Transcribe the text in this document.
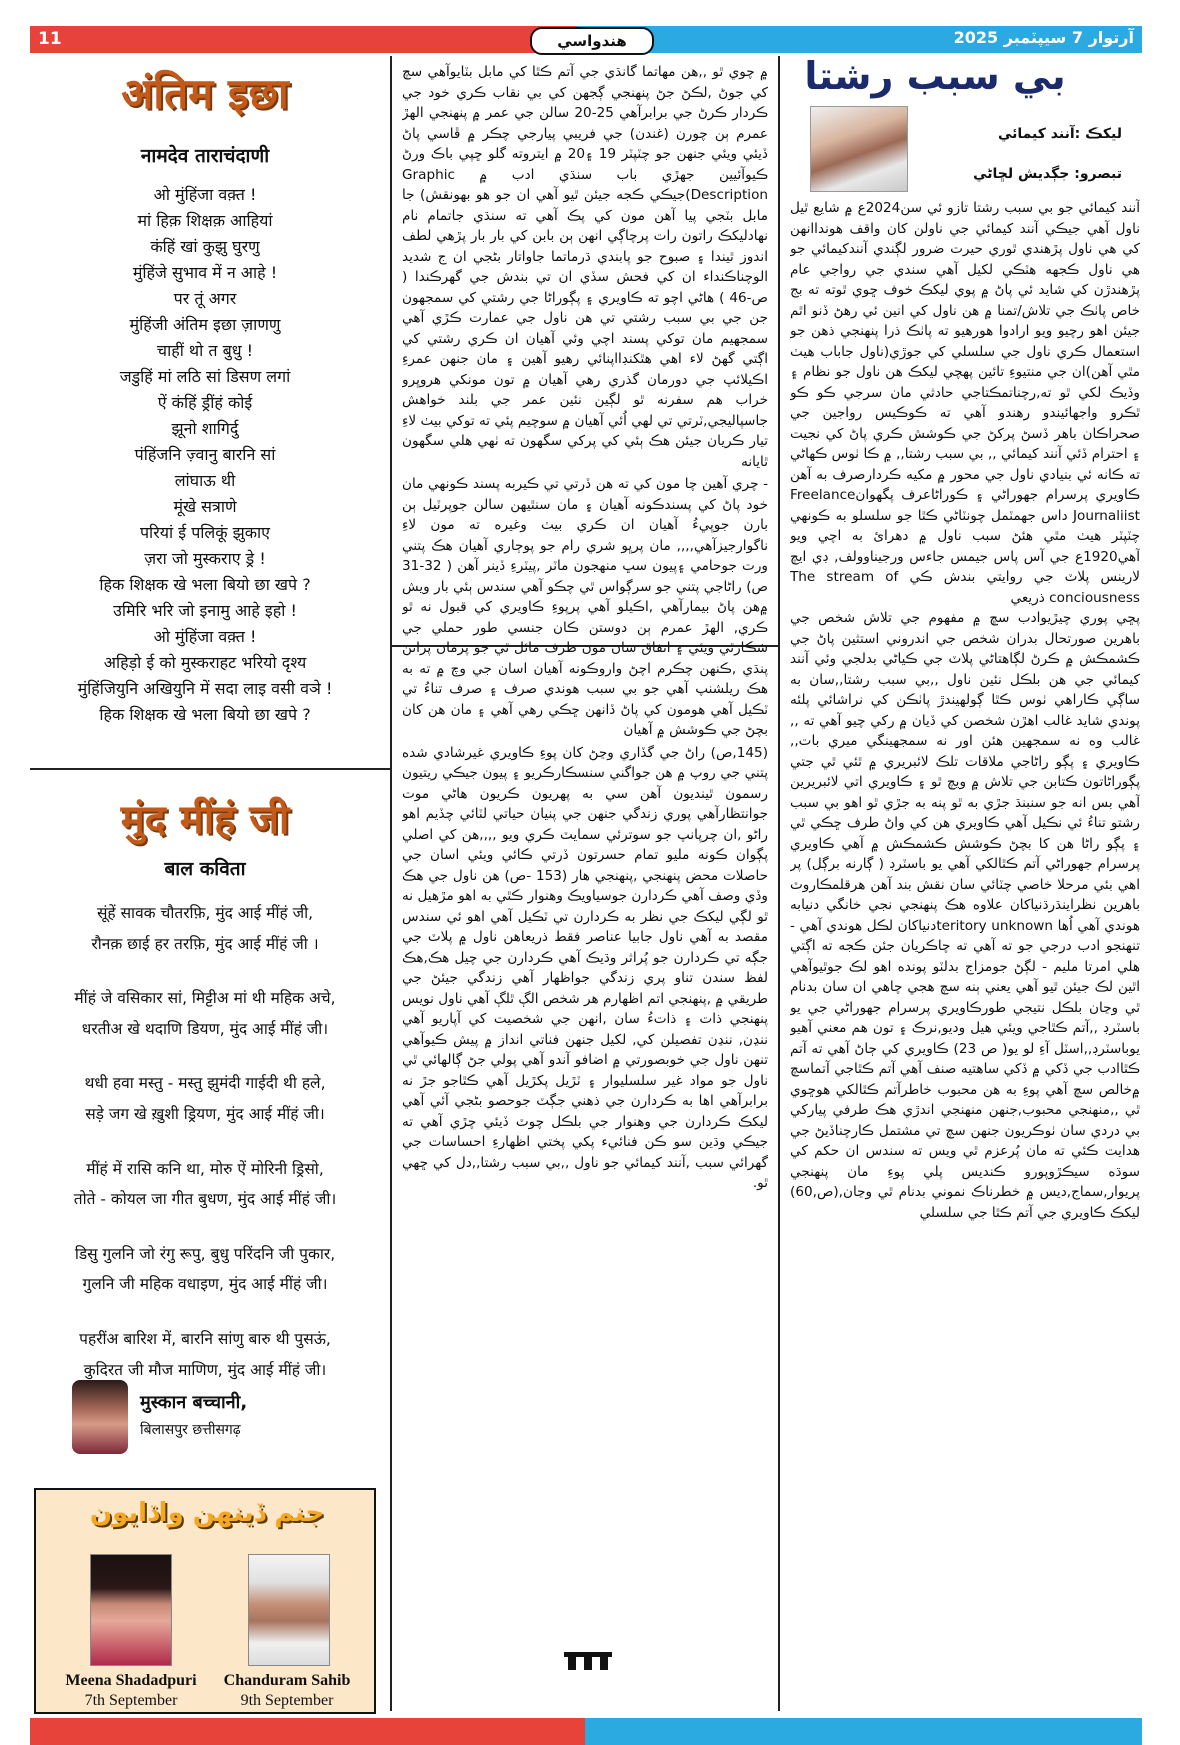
11	هندواسي	آرتوار 7 سيپٽمبر 2025
अंतिम इछा
नामदेव ताराचंदाणी
ओ मुंहिंजा वक़्त !
मां हिक़ शिक्षक़ आहियां
कंहिं खां कुझु घुरणु
मुंहिंजे सुभाव में न आहे !
पर तूं अगर
मुंहिंजी अंतिम इछा ज़ाणणु
चाहीं थो त बुधु !
जडुहिं मां लठि सां डिसण लगां
ऐं कंहिं ड्रींहं कोई
झूनो शागिर्दु
पंहिंजनि ज़्वानु बारनि सां
लांघाऊ थी
मूंखे सत्राणे
परियां ई पलिकूं झुकाए
ज़रा जो मुस्कराए ड्रे !
हिक शिक्षक खे भला बियो छा खपे ?
उमिरि भरि जो इनामु आहे इहो !
ओ मुंहिंजा वक़्त !
अहिड़ो ई को मुस्कराहट भरियो दृश्य
मुंहिंजियुनि अखियुनि में सदा लाइ वसी वञे !
हिक शिक्षक खे भला बियो छा खपे ?
मुंद मींहं जी
बाल कविता
सूंहें सावक चौतरफ़ि, मुंद आई मींहं जी,
रौनक़ छाई हर तरफ़ि, मुंद आई मींहं जी ।
मींहं जे वसिकार सां, मिट्टीअ मां थी महिक अचे,
धरतीअ खे थदाणि डियण, मुंद आई मींहं जी।
थधी हवा मस्तु - मस्तु झुमंदी गाईदी थी हले,
सड़े जग खे ख़ुशी ड्रियण, मुंद आई मींहं जी।
मींहं में रासि कनि था, मोरु ऐं मोरिनी ड्रिसो,
तोते - कोयल जा गीत बुधण, मुंद आई मींहं जी।
डिसु गुलनि जो रंगु रूपु, बुधु परिंदनि जी पुकार,
गुलनि जी महिक वधाइण, मुंद आई मींहं जी।
पहरींअ बारिश में, बारनि सांणु बारु थी पुसऊं,
कुदिरत जी मौज माणिण, मुंद आई मींहं जी।
मुस्कान बच्चानी,
बिलासपुर छत्तीसगढ़
جنم ڏينهن واڌايون
Meena Shadadpuri
7th September
Chanduram Sahib
9th September
بي سبب رشتا
ليکڪ :آنند کيمائي
تبصرو: جڳديش لڇاڻي

آنند کيمائي جو بي سبب رشتا تازو ئي سن2024ع ۾ شايع ٿيل ناول آهي جيڪي آنند کيمائي جي ناولن کان واقف هونداانهن کي هي ناول پڙهندي ٿوري حيرت ضرور لڳندي آنندکيمائي جو هي ناول ڪجهه هٽڪي لکيل آهي سندي جي رواجي عام پڙهندڙن کي شايد ئي پاڻ ۾ پوي ليکڪ خوف ڇوي ٿوته ته بج خاص پاٺڪ جي تلاش/تمنا ۾ هن ناول کي انين ئي رهڻ ڏنو اٿم جيئن اهو رچيو ويو ارادوا هورهيو ته پاٺڪ ذرا پنهنجي ذهن جو استعمال ڪري ناول جي سلسلي کي جوڙي(ناول جاباب هيٺ مٿي آهن)ان جي منتيوءِ تائين پهچي ليکڪ هن ناول جو نظام ۽ وڏيڪ لکي ٿو ته,رچناتمڪتاجي حادثي مان سرجي ڪو ڪو ٿڪرو واجهائيندو رهندو آهي ته ڪوڪيس رواجين جي صحراڪان باهر ڏسڻ پرکڻ جي ڪوشش ڪري پاڻ کي نجيت ۽ احترام ڏئي آنند کيمائي ,, بي سبب رشتا,, ۾ ڪا ٺوس ڪهاڻي ته ڪانه ئي بنيادي ناول جي محور ۾ مکيه ڪردارصرف به آهن ڪاويري پرسرام جهوراڻي ۽ ڪوراڻاعرف پگهوانFreelance Journaliist داس جهمٽمل چونٽاڻي ڪٿا جو سلسلو به ڪونهي چٽپٽر هيٺ مٿي هئڻ سبب ناول ۾ دهرائ به اچي ويو آهي1920ع جي آس پاس جيمس جاءس ورجيناوولف, ڊي ايچ لارينس پلاٽ جي روايتي بندش ڪي The stream of conciousness ذريعي

پڇي پوري چيڙيوادب سڇ ۾ مفهوم جي تلاش شخص جي باهرين صورتحال بدران شخص جي اندروني استثين پاڻ جي ڪشمڪش ۾ ڪرڻ لڳاهتاڻي پلاٽ جي ڪياڻي بدلجي وئي آنند کيمائي جي هن بلڪل نئين ناول ,,بي سبب رشتا,,سان به ساڳي ڪاراهي ٺوس ڪٿا ڳولهيندڙ پاٺڪن کي نراشائي پلئه پوندي شايد غالب اهڙن شخصن کي ڏيان ۾ رکي چيو آهي ته ,, غالب وه نه سمجهين هئن اور نه سمجهينگي ميري بات,, ڪاويري ۽ پڳو راڻاجي ملاقات تلڪ لائبريري ۾ ٿئي ٿي جتي پڳوراڻاتون ڪتابن جي تلاش ۾ ويچ ٿو ۽ ڪاويري اتي لائبريرين آهي بس انه جو سنبنڌ جڙي به ٿو پنه به جڙي ٿو اهو بي سبب رشتو تناءُ ئي نڪيل آهي ڪاويري هن کي واڻ طرف ڇڪي ٿي ۽ پڳو راڻا هن کا بچڻ ڪوشش ڪشمڪش ۾ آهي ڪاويري پرسرام جهوراڻي آتم ڪٿالکي آهي يو باسٽرڊ ( ڳارنه برڳل) پر اهي بئي مرحلا خاصي چٽائي سان نقش بند آهن هرقلمڪاروٽ باهرين نظراينڌرڌنياکان علاوه هڪ پنهنجي نجي خانگي دنيابه هوندي آهي اُها teritory unknownدنياکان لڪل هوندي آهي - تنهنجو ادب درجي جو ته آهي ته چاڪريان جئن ڪجه ته اڳتي هلي امرتا مليم - لڳڻ جومزاج بدلٽو پونده اهو لڪ جوٿيوآهي اٿين لڪ جيئن ٿيو آهي يعني ٻنه سچ هجي چاهي ان سان بدنام ٿي وڃان بلڪل نتيجي طورڪاويري پرسرام جهوراڻي جي يو باسٽرڊ ,,آتم ڪٿاجي ويئي هيل وديو,نرڪ ۽ تون هم معني آهيو يوباسٽرڊ,,اسٽل آءِ لو يو( ص 23) ڪاويري کي ڄاڻ آهي ته آتم ڪٿاادب جي ڏکي ۾ ڏکي ساهتيه صنف آهي آتم ڪٿاجي آتماسچ ۾خالص سچ آهي پوءِ به هن محبوب خاطرآتم ڪٿالکي هوڇوي ٿي ,,منهنجي محبوب,جنهن منهنجي اندڙي هڪ طرفي پيارکي بي دردي سان ٺوڪريون جنهن سچ تي مشتمل ڪارچناڏيڻ جي هدايت ڪئي ته مان پُرعزم ٿي ويس ته سندس ان حکم کي سوڌه سيڪڙوپورو ڪنديس پلي پوءِ مان پنهنجي پريوار,سماج,ديس ۾ خطرناڪ نموني بدنام ٿي وڃان,(ص,60) ليکڪ ڪاويري جي آتم ڪٿا جي سلسلي

۾ چوي ٿو ,,هن مهاتما گانڌي جي آتم ڪٿا کي مابل بٽايوآهي سچ کي جوڻ ,لڪڻ جڻ پنهنجي ڳجهن کي بي نقاب ڪري خود جي ڪردار ڪرڻ جي برابرآهي 25-20 سالن جي عمر ۾ پنهنجي الهڙ عمرم ٻن چورن (غندن) جي فريبي پيارجي چڪر ۾ ڦاسي پاڻ ڏيئي ويئي جنهن جو چٽپٽر 19 ۽20 ۾ ايتروته گلو ڇپي باڪ ورڻ ڪيوآئيين جهڙي باب سنڌي ادب ۾ Graphic Description)جيڪي ڪجه جيئن ٿيو آهي ان جو هو بهونقش) جا مابل بٽجي پيا آهن مون کي پڪ آهي ته سنڌي جاتمام نام نهادليکڪ راتون رات پرچاڳي انهن ٻن بابن کي بار بار پڙهي لطف اندوز ٿيندا ۽ صبوح جو پابندي ڌرماتما جاواتار بڻجي ان ج شديد الوچناڪنداء ان کي فحش سڏي ان تي بندش جي گهرڪندا ( ص-46 ) هاڻي اچو ته ڪاويري ۽ پڳوراڻا جي رشتي کي سمجهون جن جي بي سبب رشتي تي هن ناول جي عمارت ڪڙي آهي سمجهيم مان توکي پسند اچي وئي آهيان ان ڪري رشتي کي اڳتي گهڻ لاء اهي هٿکنڊااپنائي رهيو آهين ۽ مان جنهن عمرءِ اڪيلائپ جي دورمان گذري رهي آهيان ۾ تون مونکي هروڀرو خراب هم سفرنه ٿو لڳين نئين عمر جي بلند خواهش جاسپاليجي,ٽرتي تي لهي اُئي آهيان ۾ سوچيم پئي ته توکي بيٺ لاءِ تيار ڪريان جيئن هڪ ٻئي کي پرکي سگهون ته ٺهي هلي سگهون ٿايانه

- چري آهين چا مون کي ته هن ڏرتي تي ڪيربه پسند ڪونهي مان خود پاڻ کي پسندڪونه آهيان ۽ مان سنٿيهن سالن جوپرٽيل ٻن بارن جوپيءُ آهيان ان ڪري بيٺ وغيره ته مون لاءِ ناگوارجيزآهي,,,, مان پرڀو شري رام جو پوڄاري آهيان هڪ پتني ورت جوحامي ۽پيون سڀ منهجون ماٽر ,پيٽرءِ ڏينر آهن ( 32-31 ص) راڻاجي پتني جو سرڳواس ٿي چڪو آهي سندس ٻئي بار ويش ۾هن پاڻ بيمارآهي ,اڪيلو آهي پرپوءِ ڪاويري کي قبول نه ٿو ڪري, الهڙ عمرم ٻن دوستن ڪان جنسي طور حملي جي شڪارٿي ويئي ۽ اتفاق سان مون طرف مائل ٿي جو پرمان پراتن پنڌي ,ڪنهن چڪرم اچڻ واروڪونه آهيان اسان جي وچ ۾ ته به هڪ ريلشنپ آهي جو بي سبب هوندي صرف ۽ صرف تناءُ تي ٽڪيل آهي هومون کي پاڻ ڏانهن ڇڪي رهي آهي ۽ مان هن کان بچڻ جي ڪوشش ۾ آهيان

(145,ص) راڻ جي گڏاري وڃڻ کان پوءِ ڪاويري غيرشادي شده پتني جي روپ ۾ هن جواگني سنسڪارڪريو ۽ پيون جيڪي ريتيون رسمون ٿينديون آهن سي به پهريون ڪريون هاڻي موت جوانتظارآهي پوري زندگي جنهن جي پنيان حياتي لٽائي چڏيم اهو راڻو ,ان چرپانپ جو سوترئي سمايٽ ڪري ويو ,,,,هن کي اصلي پڳوان ڪونه مليو تمام حسرتون ڏرتي ڪائي ويئي اسان جي حاصلات محض پنهنجي ,پنهنجي هار (153 -ص) هن ناول جي هڪ وڏي وصف آهي ڪردارن جوسياويڪ وهنوار ڪٿي به اهو مڙهيل نه ٿو لڳي ليکڪ جي نظر به ڪردارن تي ٽڪيل آهي اهو ئي سندس مقصد به آهي ناول جابيا عناصر فقط ذريعاهن ناول ۾ پلاٽ جي جڳه تي ڪردارن جو پُراثر وڌيڪ آهي ڪردارن جي چيل هڪ,هڪ لفظ سندن تناو پري زندگي جواظهار آهي زندگي جيئڻ جي طريقي ۾ ,پنهنجي اتم اظهارم هر شخص الڳ ٿلڳ آهي ناول نويس پنهنجي ذات ۽ ذاتءُ سان ,انهن جي شخصيت کي آپاريو آهي ننڍن, ننڍن تفصيلن کي, لکيل جنهن فناتي انداز ۾ پيش ڪيوآهي تنهن ناول جي خوبصورتي ۾ اضافو آندو آهي پولي جڻ ڳالهائي ٿي ناول جو مواد غير سلسليوار ۽ ٽڙيل پکڙيل آهي ڪٿاجو جڙ نه برابرآهي اها به ڪردارن جي ذهني جڳٽ جوحصو بڻجي آئي آهي ليکڪ ڪردارن جي وهنوار جي بلڪل چوٽ ڏيئي چڙي آهي ته جيڪي وڌين سو ڪن فنائيء پکي پختي اظهارءِ احساسات جي گهرائي سبب ,آنند کيمائي جو ناول ,,بي سبب رشتا,,دل کي ڇهي ٿو.
